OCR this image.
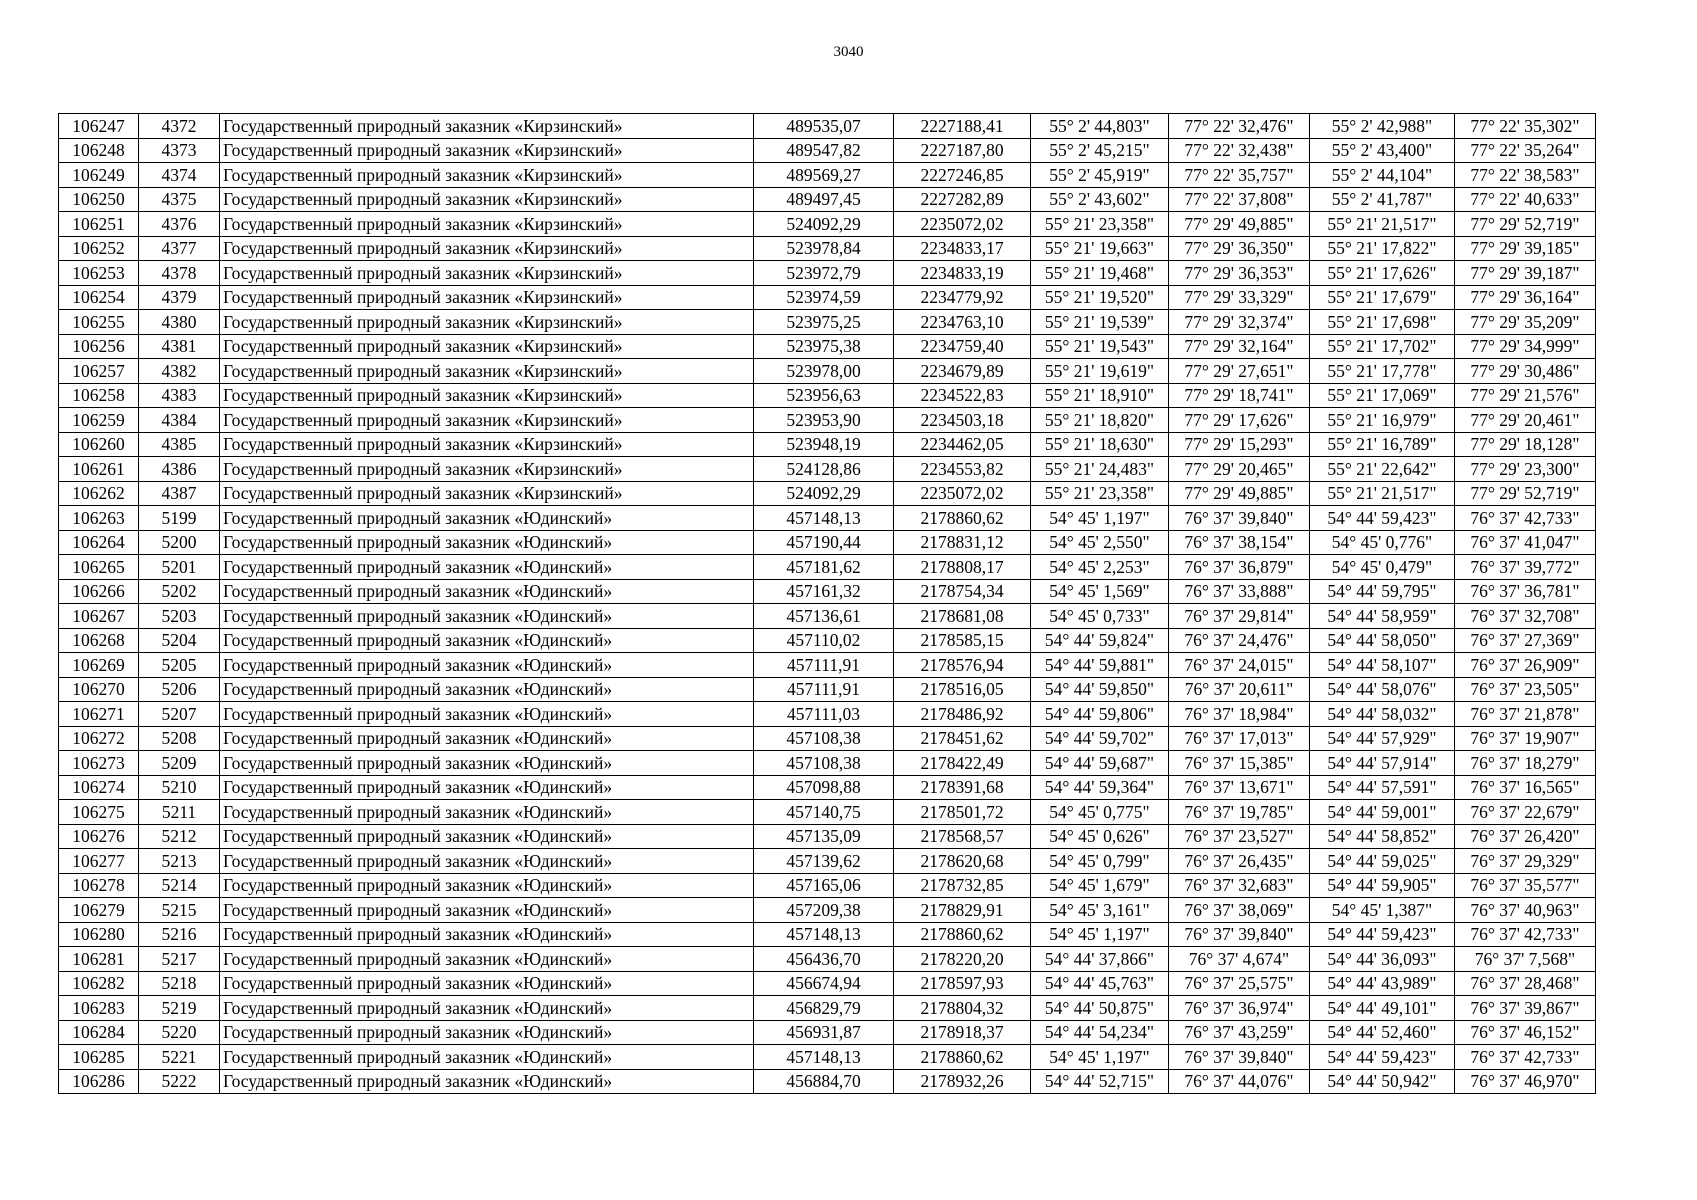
3040
106247	4372	Государственный природный заказник «Кирзинский»	489535,07	2227188,41	55° 2' 44,803"	77° 22' 32,476"	55° 2' 42,988"	77° 22' 35,302"
106248	4373	Государственный природный заказник «Кирзинский»	489547,82	2227187,80	55° 2' 45,215"	77° 22' 32,438"	55° 2' 43,400"	77° 22' 35,264"
106249	4374	Государственный природный заказник «Кирзинский»	489569,27	2227246,85	55° 2' 45,919"	77° 22' 35,757"	55° 2' 44,104"	77° 22' 38,583"
106250	4375	Государственный природный заказник «Кирзинский»	489497,45	2227282,89	55° 2' 43,602"	77° 22' 37,808"	55° 2' 41,787"	77° 22' 40,633"
106251	4376	Государственный природный заказник «Кирзинский»	524092,29	2235072,02	55° 21' 23,358"	77° 29' 49,885"	55° 21' 21,517"	77° 29' 52,719"
106252	4377	Государственный природный заказник «Кирзинский»	523978,84	2234833,17	55° 21' 19,663"	77° 29' 36,350"	55° 21' 17,822"	77° 29' 39,185"
106253	4378	Государственный природный заказник «Кирзинский»	523972,79	2234833,19	55° 21' 19,468"	77° 29' 36,353"	55° 21' 17,626"	77° 29' 39,187"
106254	4379	Государственный природный заказник «Кирзинский»	523974,59	2234779,92	55° 21' 19,520"	77° 29' 33,329"	55° 21' 17,679"	77° 29' 36,164"
106255	4380	Государственный природный заказник «Кирзинский»	523975,25	2234763,10	55° 21' 19,539"	77° 29' 32,374"	55° 21' 17,698"	77° 29' 35,209"
106256	4381	Государственный природный заказник «Кирзинский»	523975,38	2234759,40	55° 21' 19,543"	77° 29' 32,164"	55° 21' 17,702"	77° 29' 34,999"
106257	4382	Государственный природный заказник «Кирзинский»	523978,00	2234679,89	55° 21' 19,619"	77° 29' 27,651"	55° 21' 17,778"	77° 29' 30,486"
106258	4383	Государственный природный заказник «Кирзинский»	523956,63	2234522,83	55° 21' 18,910"	77° 29' 18,741"	55° 21' 17,069"	77° 29' 21,576"
106259	4384	Государственный природный заказник «Кирзинский»	523953,90	2234503,18	55° 21' 18,820"	77° 29' 17,626"	55° 21' 16,979"	77° 29' 20,461"
106260	4385	Государственный природный заказник «Кирзинский»	523948,19	2234462,05	55° 21' 18,630"	77° 29' 15,293"	55° 21' 16,789"	77° 29' 18,128"
106261	4386	Государственный природный заказник «Кирзинский»	524128,86	2234553,82	55° 21' 24,483"	77° 29' 20,465"	55° 21' 22,642"	77° 29' 23,300"
106262	4387	Государственный природный заказник «Кирзинский»	524092,29	2235072,02	55° 21' 23,358"	77° 29' 49,885"	55° 21' 21,517"	77° 29' 52,719"
106263	5199	Государственный природный заказник «Юдинский»	457148,13	2178860,62	54° 45' 1,197"	76° 37' 39,840"	54° 44' 59,423"	76° 37' 42,733"
106264	5200	Государственный природный заказник «Юдинский»	457190,44	2178831,12	54° 45' 2,550"	76° 37' 38,154"	54° 45' 0,776"	76° 37' 41,047"
106265	5201	Государственный природный заказник «Юдинский»	457181,62	2178808,17	54° 45' 2,253"	76° 37' 36,879"	54° 45' 0,479"	76° 37' 39,772"
106266	5202	Государственный природный заказник «Юдинский»	457161,32	2178754,34	54° 45' 1,569"	76° 37' 33,888"	54° 44' 59,795"	76° 37' 36,781"
106267	5203	Государственный природный заказник «Юдинский»	457136,61	2178681,08	54° 45' 0,733"	76° 37' 29,814"	54° 44' 58,959"	76° 37' 32,708"
106268	5204	Государственный природный заказник «Юдинский»	457110,02	2178585,15	54° 44' 59,824"	76° 37' 24,476"	54° 44' 58,050"	76° 37' 27,369"
106269	5205	Государственный природный заказник «Юдинский»	457111,91	2178576,94	54° 44' 59,881"	76° 37' 24,015"	54° 44' 58,107"	76° 37' 26,909"
106270	5206	Государственный природный заказник «Юдинский»	457111,91	2178516,05	54° 44' 59,850"	76° 37' 20,611"	54° 44' 58,076"	76° 37' 23,505"
106271	5207	Государственный природный заказник «Юдинский»	457111,03	2178486,92	54° 44' 59,806"	76° 37' 18,984"	54° 44' 58,032"	76° 37' 21,878"
106272	5208	Государственный природный заказник «Юдинский»	457108,38	2178451,62	54° 44' 59,702"	76° 37' 17,013"	54° 44' 57,929"	76° 37' 19,907"
106273	5209	Государственный природный заказник «Юдинский»	457108,38	2178422,49	54° 44' 59,687"	76° 37' 15,385"	54° 44' 57,914"	76° 37' 18,279"
106274	5210	Государственный природный заказник «Юдинский»	457098,88	2178391,68	54° 44' 59,364"	76° 37' 13,671"	54° 44' 57,591"	76° 37' 16,565"
106275	5211	Государственный природный заказник «Юдинский»	457140,75	2178501,72	54° 45' 0,775"	76° 37' 19,785"	54° 44' 59,001"	76° 37' 22,679"
106276	5212	Государственный природный заказник «Юдинский»	457135,09	2178568,57	54° 45' 0,626"	76° 37' 23,527"	54° 44' 58,852"	76° 37' 26,420"
106277	5213	Государственный природный заказник «Юдинский»	457139,62	2178620,68	54° 45' 0,799"	76° 37' 26,435"	54° 44' 59,025"	76° 37' 29,329"
106278	5214	Государственный природный заказник «Юдинский»	457165,06	2178732,85	54° 45' 1,679"	76° 37' 32,683"	54° 44' 59,905"	76° 37' 35,577"
106279	5215	Государственный природный заказник «Юдинский»	457209,38	2178829,91	54° 45' 3,161"	76° 37' 38,069"	54° 45' 1,387"	76° 37' 40,963"
106280	5216	Государственный природный заказник «Юдинский»	457148,13	2178860,62	54° 45' 1,197"	76° 37' 39,840"	54° 44' 59,423"	76° 37' 42,733"
106281	5217	Государственный природный заказник «Юдинский»	456436,70	2178220,20	54° 44' 37,866"	76° 37' 4,674"	54° 44' 36,093"	76° 37' 7,568"
106282	5218	Государственный природный заказник «Юдинский»	456674,94	2178597,93	54° 44' 45,763"	76° 37' 25,575"	54° 44' 43,989"	76° 37' 28,468"
106283	5219	Государственный природный заказник «Юдинский»	456829,79	2178804,32	54° 44' 50,875"	76° 37' 36,974"	54° 44' 49,101"	76° 37' 39,867"
106284	5220	Государственный природный заказник «Юдинский»	456931,87	2178918,37	54° 44' 54,234"	76° 37' 43,259"	54° 44' 52,460"	76° 37' 46,152"
106285	5221	Государственный природный заказник «Юдинский»	457148,13	2178860,62	54° 45' 1,197"	76° 37' 39,840"	54° 44' 59,423"	76° 37' 42,733"
106286	5222	Государственный природный заказник «Юдинский»	456884,70	2178932,26	54° 44' 52,715"	76° 37' 44,076"	54° 44' 50,942"	76° 37' 46,970"
